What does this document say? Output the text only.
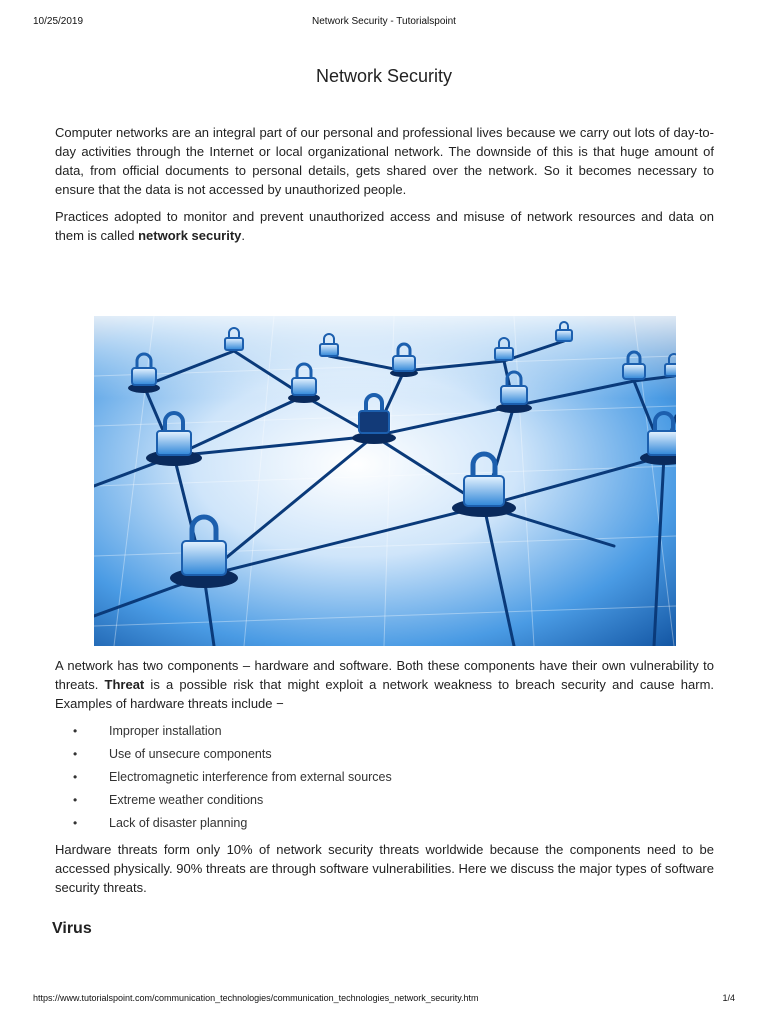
10/25/2019	Network Security - Tutorialspoint
Network Security

Computer networks are an integral part of our personal and professional lives because we carry out lots of day-to-day activities through the Internet or local organizational network. The downside of this is that huge amount of data, from official documents to personal details, gets shared over the network. So it becomes necessary to ensure that the data is not accessed by unauthorized people.

Practices adopted to monitor and prevent unauthorized access and misuse of network resources and data on them is called network security.

A network has two components – hardware and software. Both these components have their own vulnerability to threats. Threat is a possible risk that might exploit a network weakness to breach security and cause harm. Examples of hardware threats include −

•	Improper installation
•	Use of unsecure components
•	Electromagnetic interference from external sources
•	Extreme weather conditions
•	Lack of disaster planning

Hardware threats form only 10% of network security threats worldwide because the components need to be accessed physically. 90% threats are through software vulnerabilities. Here we discuss the major types of software security threats.

Virus
https://www.tutorialspoint.com/communication_technologies/communication_technologies_network_security.htm	1/4
